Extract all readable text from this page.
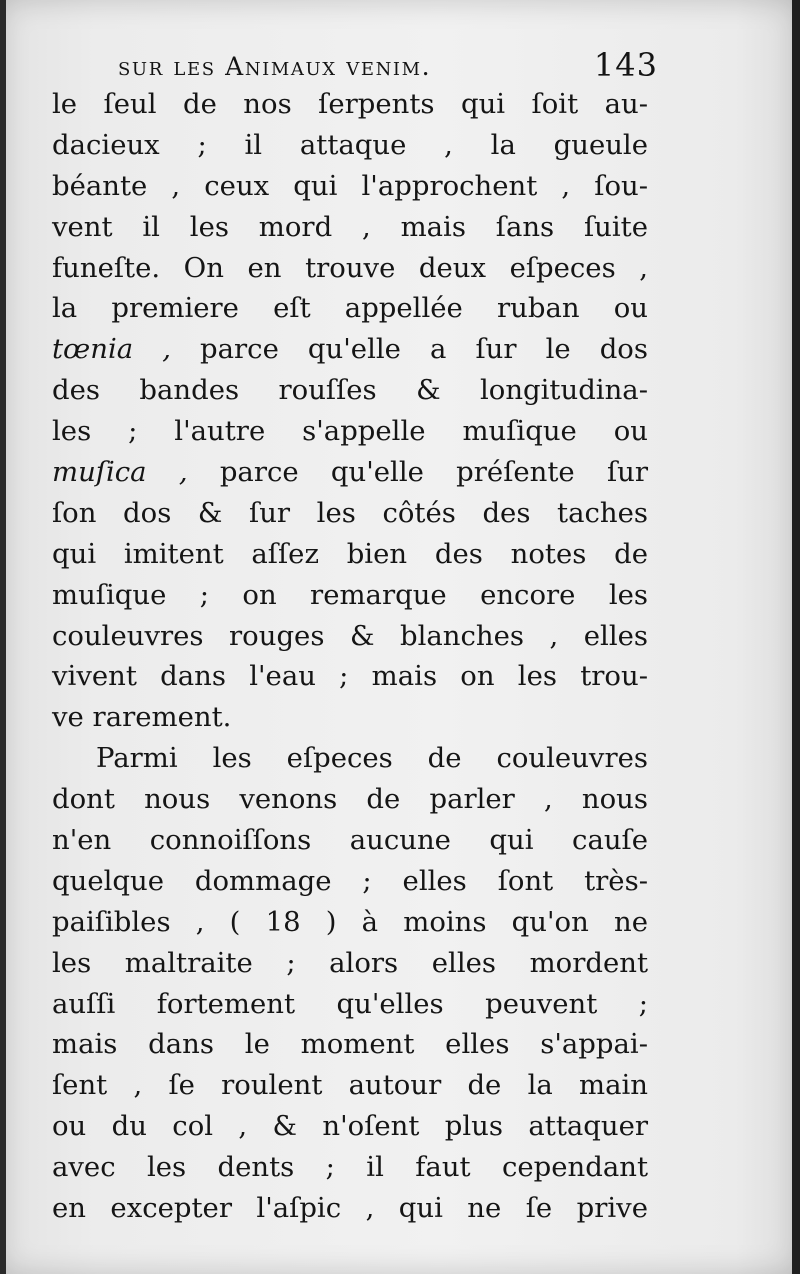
sur les Animaux venim.	143
le ſeul de nos ſerpents qui ſoit au-
dacieux ; il attaque , la gueule
béante , ceux qui l'approchent , ſou-
vent il les mord , mais ſans ſuite
funeſte. On en trouve deux eſpeces ,
la premiere eſt appellée ruban ou
tœnia , parce qu'elle a ſur le dos
des bandes rouſſes & longitudina-
les ; l'autre s'appelle muſique ou
muſica , parce qu'elle préſente ſur
ſon dos & ſur les côtés des taches
qui imitent aſſez bien des notes de
muſique ; on remarque encore les
couleuvres rouges & blanches , elles
vivent dans l'eau ; mais on les trou-
ve rarement.
Parmi les eſpeces de couleuvres
dont nous venons de parler , nous
n'en connoiſſons aucune qui cauſe
quelque dommage ; elles ſont très-
paiſibles , ( 18 ) à moins qu'on ne
les maltraite ; alors elles mordent
auſſi fortement qu'elles peuvent ;
mais dans le moment elles s'appai-
ſent , ſe roulent autour de la main
ou du col , & n'oſent plus attaquer
avec les dents ; il faut cependant
en excepter l'aſpic , qui ne ſe prive
